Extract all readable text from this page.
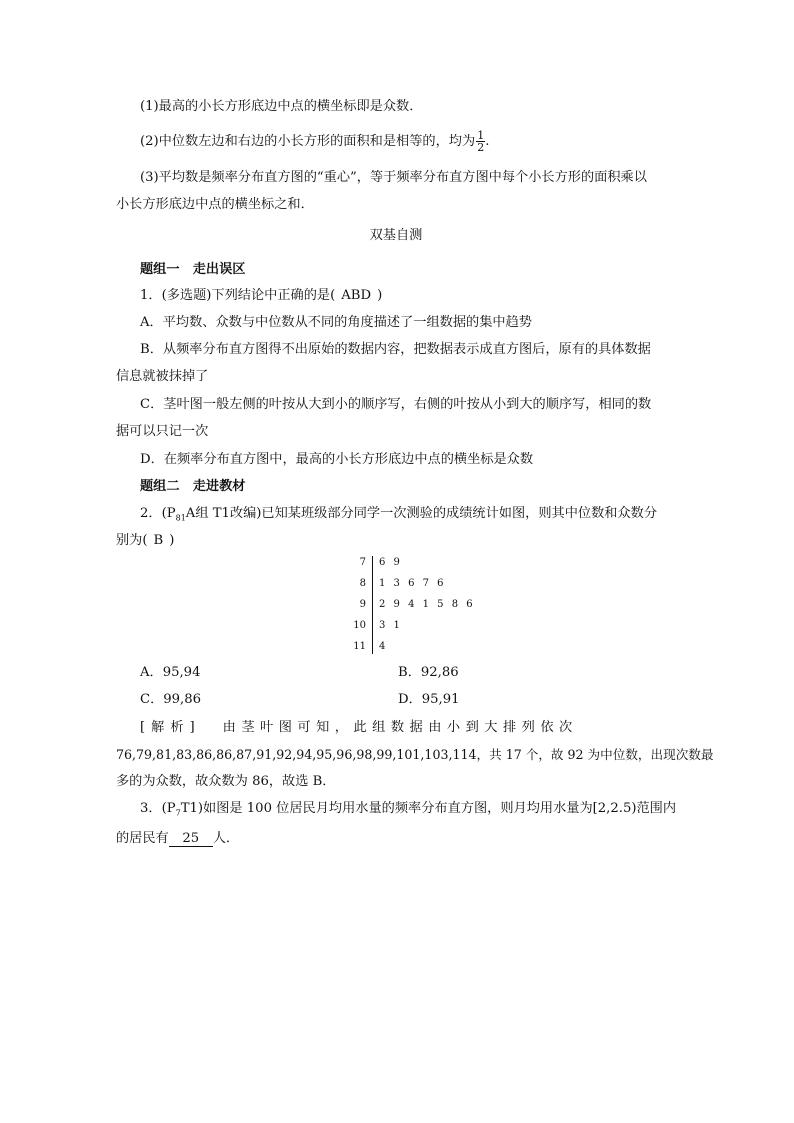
(1)最高的小长方形底边中点的横坐标即是众数．
(2)中位数左边和右边的小长方形的面积和是相等的，均为 $\frac{1}{2}$ .
(3)平均数是频率分布直方图的“重心”，等于频率分布直方图中每个小长方形的面积乘以
小长方形底边中点的横坐标之和．
双基自测
题组一　走出误区
1．(多选题)下列结论中正确的是( ABD )
A．平均数、众数与中位数从不同的角度描述了一组数据的集中趋势
B．从频率分布直方图得不出原始的数据内容，把数据表示成直方图后，原有的具体数据
信息就被抹掉了
C．茎叶图一般左侧的叶按从大到小的顺序写，右侧的叶按从小到大的顺序写，相同的数
据可以只记一次
D．在频率分布直方图中，最高的小长方形底边中点的横坐标是众数
题组二　走进教材
2．($P_{81}A$组 T1改编)已知某班级部分同学一次测验的成绩统计如图，则其中位数和众数分
别为( B )
7 6 9
8 1 3 6 7 6
9 2 9 4 1 5 8 6
10 3 1
11 4
A．95,94	B．92,86
C．99,86	D．95,91
[解析] 由茎叶图可知，此组数据由小到大排列依次
76,79,81,83,86,86,87,91,92,94,95,96,98,99,101,103,114，共 17 个，故 92 为中位数，出现次数最
多的为众数，故众数为 86，故选 B．
3．$(P_7T1)$如图是 100 位居民月均用水量的频率分布直方图，则月均用水量为[2,2.5)范围内
的居民有 25 人．
